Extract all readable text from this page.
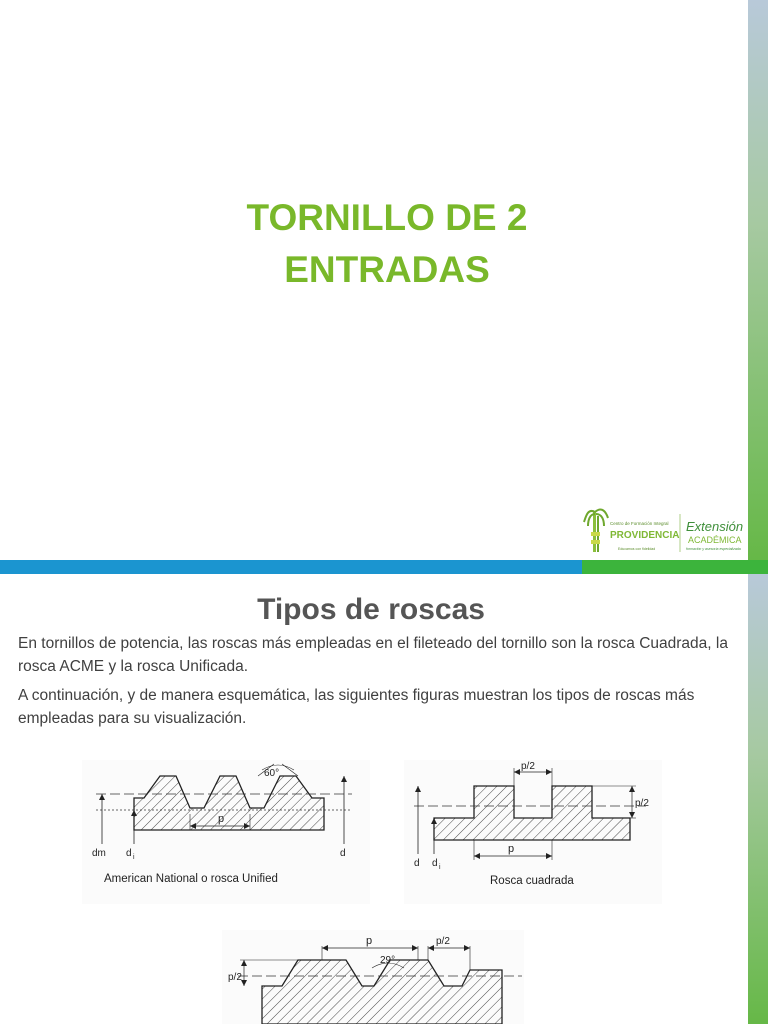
TORNILLO DE 2
ENTRADAS
Centro de Formación Integral
PROVIDENCIA
Educamos con fidelidad
Extensión
ACADÉMICA
formación y asesoría especializada
Tipos de roscas
En tornillos de potencia, las roscas más empleadas en el fileteado del tornillo son la rosca Cuadrada, la rosca ACME y la rosca Unificada.
A continuación, y de manera esquemática, las siguientes figuras muestran los tipos de roscas más empleadas para su visualización.
60°
p
dm d i	d
American National o rosca Unified
p/2
p/2
p
d d i
Rosca cuadrada
p	p/2
29°
p/2
